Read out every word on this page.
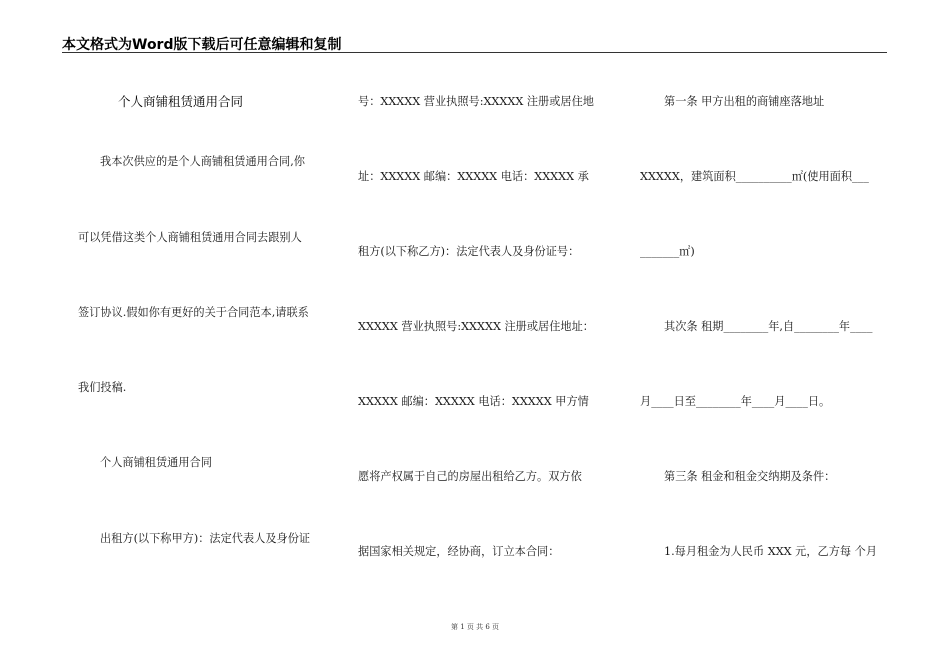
本文格式为Word版下载后可任意编辑和复制
个人商铺租赁通用合同
我本次供应的是个人商铺租赁通用合同,你
可以凭借这类个人商铺租赁通用合同去跟别人
签订协议.假如你有更好的关于合同范本,请联系
我们投稿.
个人商铺租赁通用合同
出租方(以下称甲方)：法定代表人及身份证
号：XXXXX 营业执照号:XXXXX 注册或居住地
址：XXXXX 邮编：XXXXX 电话：XXXXX 承
租方(以下称乙方)：法定代表人及身份证号：
XXXXX 营业执照号:XXXXX 注册或居住地址：
XXXXX 邮编：XXXXX 电话：XXXXX 甲方情
愿将产权属于自己的房屋出租给乙方。双方依
据国家相关规定，经协商，订立本合同：
第一条 甲方出租的商铺座落地址
XXXXX，建筑面积__________㎡(使用面积___
_______㎡)
其次条 租期________年,自________年____
月____日至________年____月____日。
第三条 租金和租金交纳期及条件：
1.每月租金为人民币 XXX 元，乙方每 个月
第 1 页 共 6 页
